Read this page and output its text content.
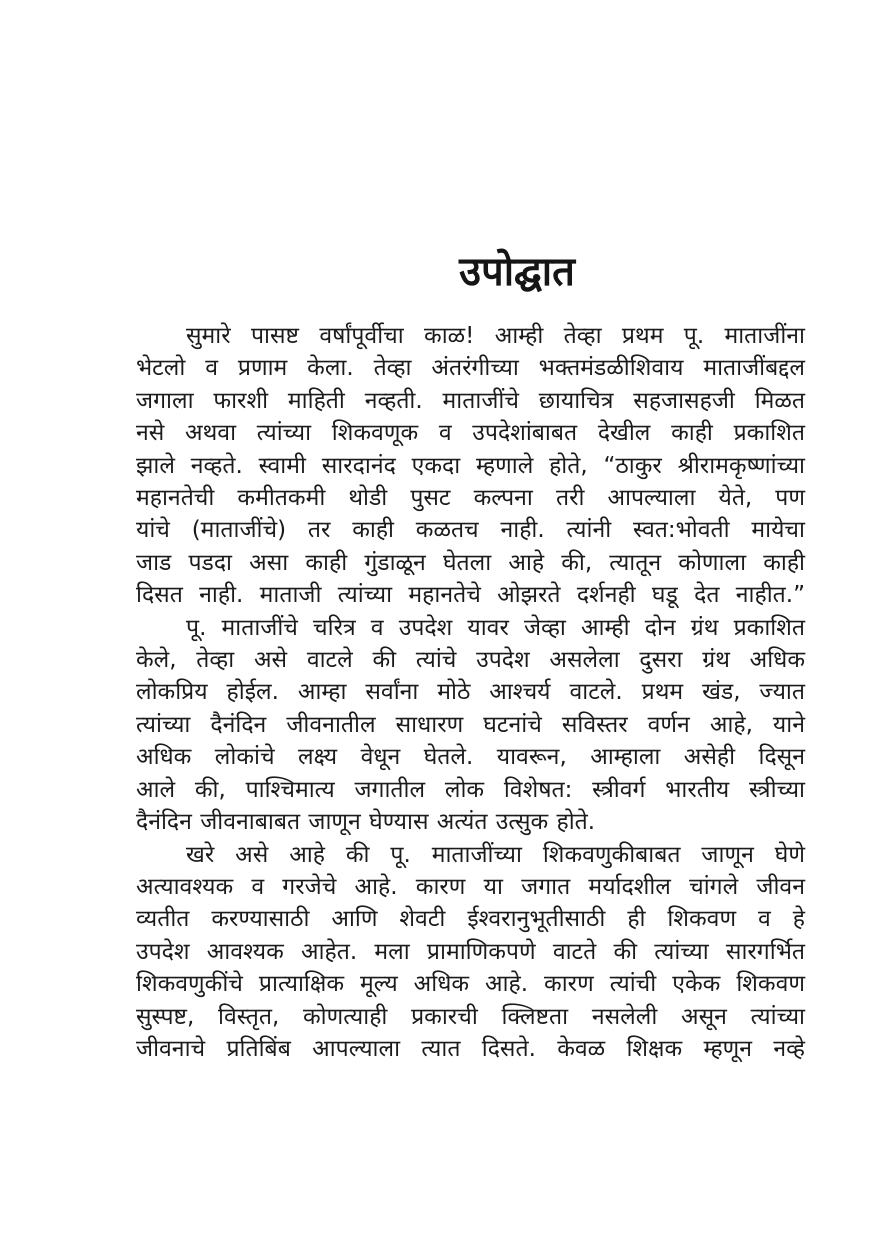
उपोद्घात
सुमारे पासष्ट वर्षांपूर्वीचा काळ! आम्ही तेव्हा प्रथम पू. माताजींना
भेटलो व प्रणाम केला. तेव्हा अंतरंगीच्या भक्तमंडळीशिवाय माताजींबद्दल
जगाला फारशी माहिती नव्हती. माताजींचे छायाचित्र सहजासहजी मिळत
नसे अथवा त्यांच्या शिकवणूक व उपदेशांबाबत देखील काही प्रकाशित
झाले नव्हते. स्वामी सारदानंद एकदा म्हणाले होते, “ठाकुर श्रीरामकृष्णांच्या
महानतेची कमीतकमी थोडी पुसट कल्पना तरी आपल्याला येते, पण
यांचे (माताजींचे) तर काही कळतच नाही. त्यांनी स्वत:भोवती मायेचा
जाड पडदा असा काही गुंडाळून घेतला आहे की, त्यातून कोणाला काही
दिसत नाही. माताजी त्यांच्या महानतेचे ओझरते दर्शनही घडू देत नाहीत.”
पू. माताजींचे चरित्र व उपदेश यावर जेव्हा आम्ही दोन ग्रंथ प्रकाशित
केले, तेव्हा असे वाटले की त्यांचे उपदेश असलेला दुसरा ग्रंथ अधिक
लोकप्रिय होईल. आम्हा सर्वांना मोठे आश्चर्य वाटले. प्रथम खंड, ज्यात
त्यांच्या दैनंदिन जीवनातील साधारण घटनांचे सविस्तर वर्णन आहे, याने
अधिक लोकांचे लक्ष्य वेधून घेतले. यावरून, आम्हाला असेही दिसून
आले की, पाश्चिमात्य जगातील लोक विशेषत: स्त्रीवर्ग भारतीय स्त्रीच्या
दैनंदिन जीवनाबाबत जाणून घेण्यास अत्यंत उत्सुक होते.
खरे असे आहे की पू. माताजींच्या शिकवणुकीबाबत जाणून घेणे
अत्यावश्यक व गरजेचे आहे. कारण या जगात मर्यादशील चांगले जीवन
व्यतीत करण्यासाठी आणि शेवटी ईश्वरानुभूतीसाठी ही शिकवण व हे
उपदेश आवश्यक आहेत. मला प्रामाणिकपणे वाटते की त्यांच्या सारगर्भित
शिकवणुकींचे प्रात्याक्षिक मूल्य अधिक आहे. कारण त्यांची एकेक शिकवण
सुस्पष्ट, विस्तृत, कोणत्याही प्रकारची क्लिष्टता नसलेली असून त्यांच्या
जीवनाचे प्रतिबिंब आपल्याला त्यात दिसते. केवळ शिक्षक म्हणून नव्हे
